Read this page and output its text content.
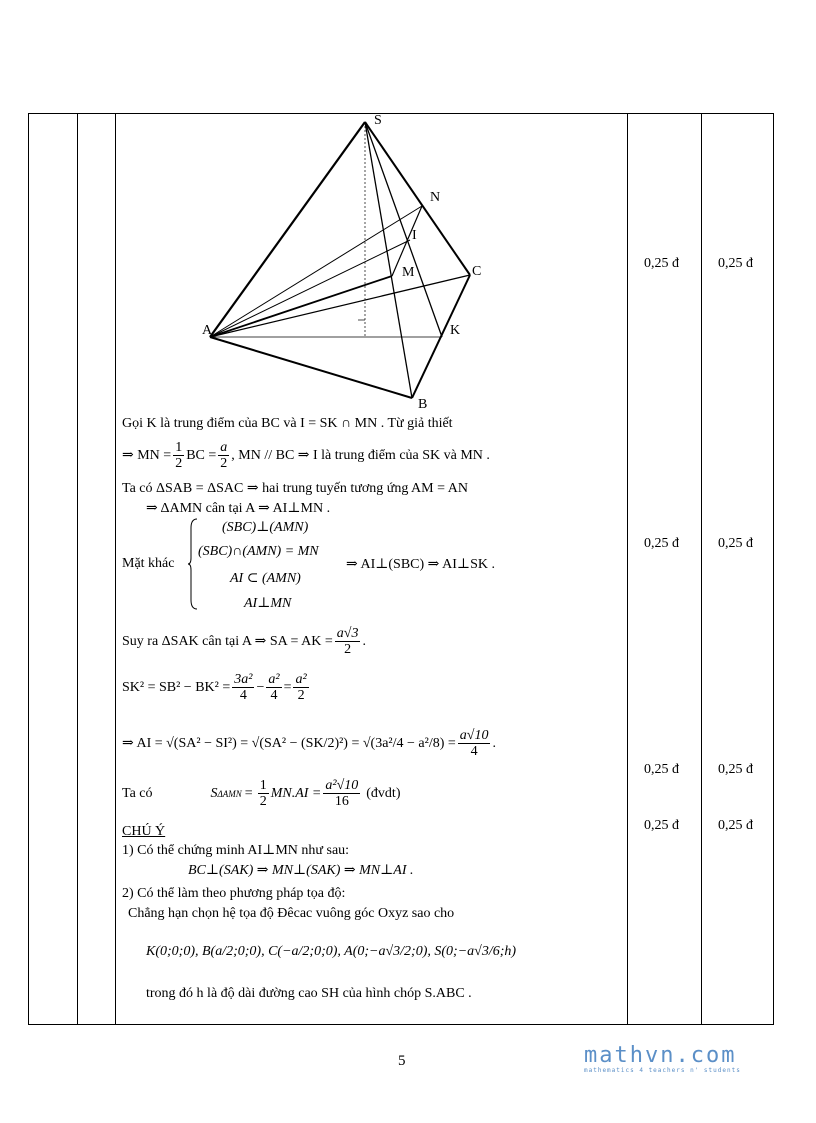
S
N
I
M	C
A	K
B
0,25 đ	0,25 đ
0,25 đ	0,25 đ
0,25 đ	0,25 đ
0,25 đ	0,25 đ
Gọi K là trung điểm của BC và I = SK ∩ MN . Từ giả thiết
⇒ MN = $\frac{1}{2}$ BC = $\frac{a}{2}$ , MN // BC ⇒ I là trung điểm của SK và MN .
Ta có ΔSAB = ΔSAC ⇒ hai trung tuyến tương ứng AM = AN
⇒ ΔAMN cân tại A ⇒ AI⊥MN .
Mặt khác
(SBC)⊥(AMN)
(SBC)∩(AMN) = MN
AI ⊂ (AMN)
AI⊥MN
⇒ AI⊥(SBC) ⇒ AI⊥SK .
Suy ra ΔSAK cân tại A ⇒ SA = AK = $\frac{a√3}{2}$ .
$SK^2 = SB^2 - BK^2 = \frac{\text{3a²}}{4} - \frac{\text{a²}}{4} = \frac{\text{a²}}{2}$
⇒ AI = $√(SA^2 - SI^2) = √(SA^2 - (SK/2)^2) = √(3a^2/4 - a^2/8) = \frac{a√10}{4}$ .
Ta có	S $\Delta AMN = \frac{1}{2} MN.AI = \frac{\text{a²√10}}{16}$ (đvdt)
CHÚ Ý
1) Có thể chứng minh AI⊥MN như sau:
BC⊥(SAK) ⇒ MN⊥(SAK) ⇒ MN⊥AI .
2) Có thể làm theo phương pháp tọa độ:
Chẳng hạn chọn hệ tọa độ Đêcac vuông góc Oxyz sao cho
K(0;0;0), B(a/2;0;0), C(−a/2;0;0), A(0;−a√3/2;0), S(0;−a√3/6;h)
trong đó h là độ dài đường cao SH của hình chóp S.ABC .
5	mathvn.com
mathematics 4 teachers n' students
